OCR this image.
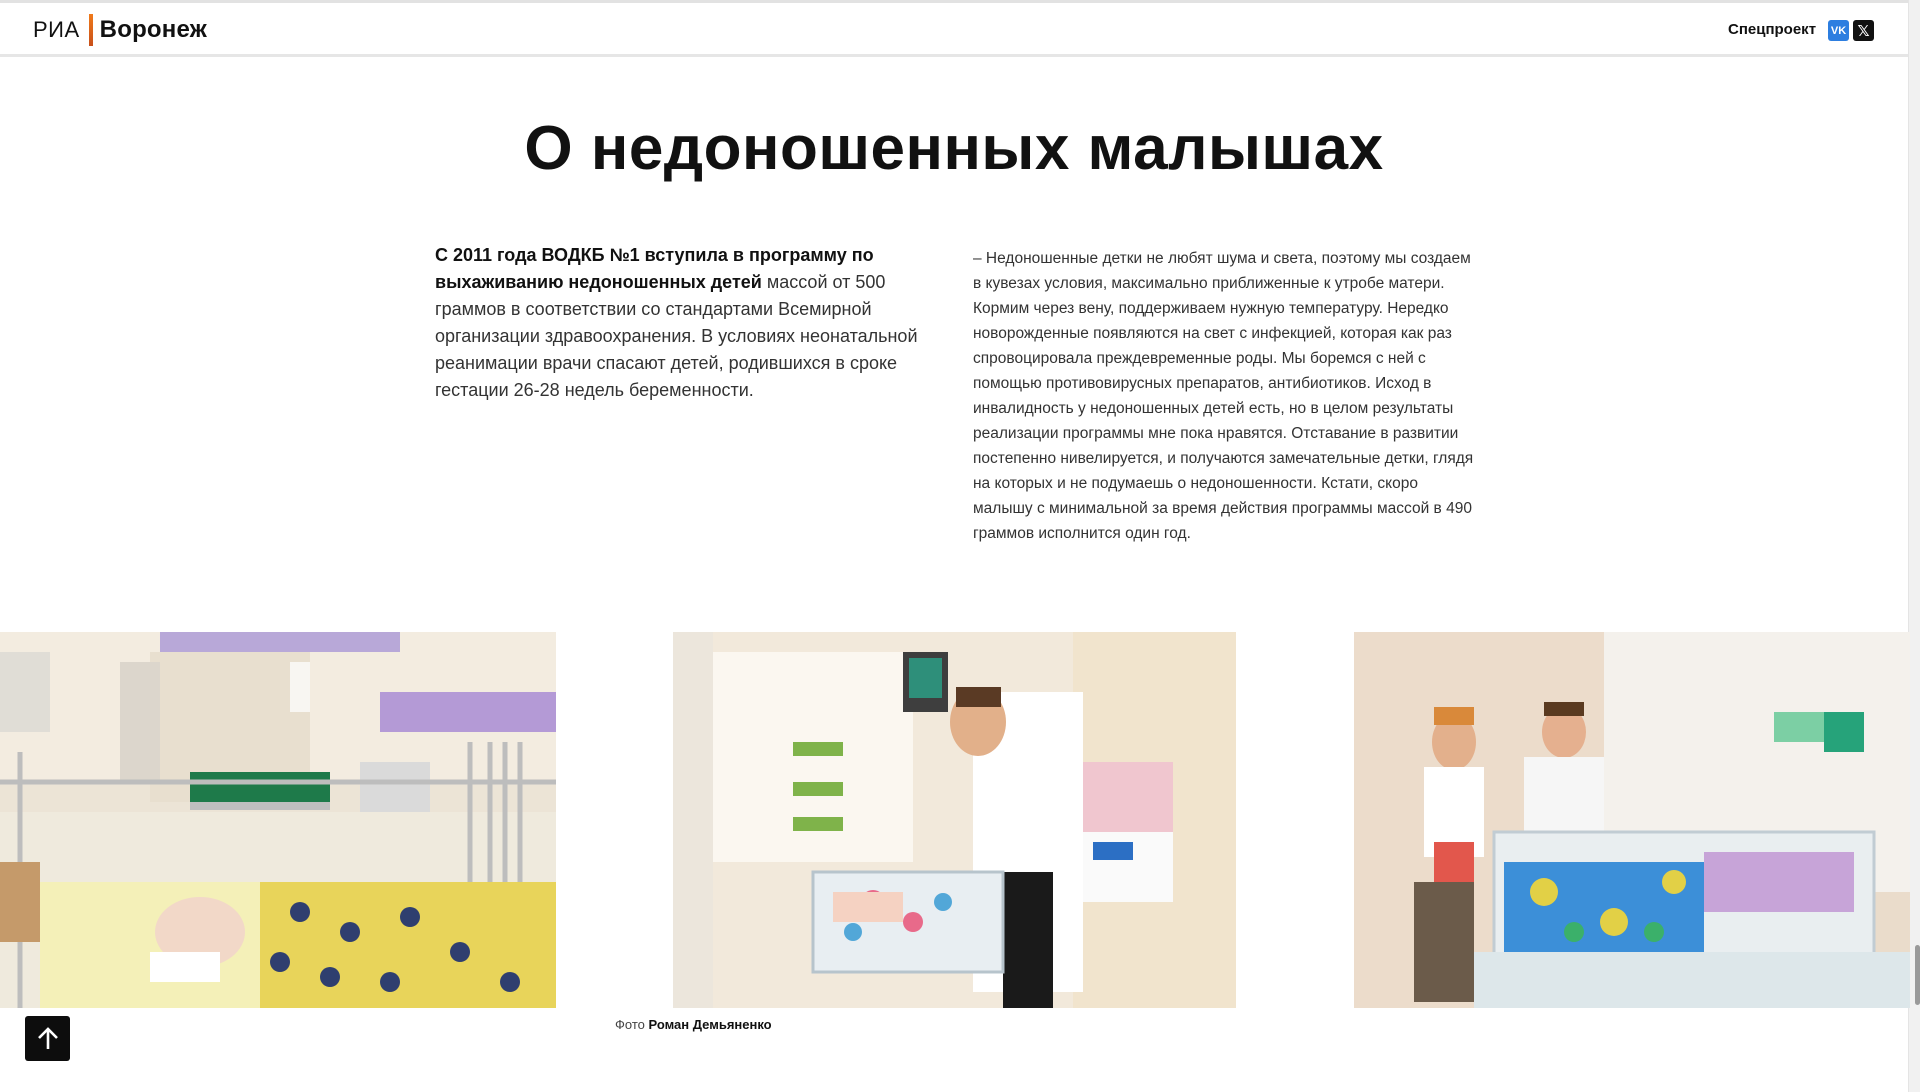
РИА Воронеж	Спецпроект VK 𝕏
О недоношенных малышах

С 2011 года ВОДКБ №1 вступила в программу по выхаживанию недоношенных детей массой от 500 граммов в соответствии со стандартами Всемирной организации здравоохранения. В условиях неонатальной реанимации врачи спасают детей, родившихся в сроке гестации 26-28 недель беременности.

– Недоношенные детки не любят шума и света, поэтому мы создаем в кувезах условия, максимально приближенные к утробе матери. Кормим через вену, поддерживаем нужную температуру. Нередко новорожденные появляются на свет с инфекцией, которая как раз спровоцировала преждевременные роды. Мы боремся с ней с помощью противовирусных препаратов, антибиотиков. Исход в инвалидность у недоношенных детей есть, но в целом результаты реализации программы мне пока нравятся. Отставание в развитии постепенно нивелируется, и получаются замечательные детки, глядя на которых и не подумаешь о недоношенности. Кстати, скоро малышу с минимальной за время действия программы массой в 490 граммов исполнится один год.

Фото Роман Демьяненко
